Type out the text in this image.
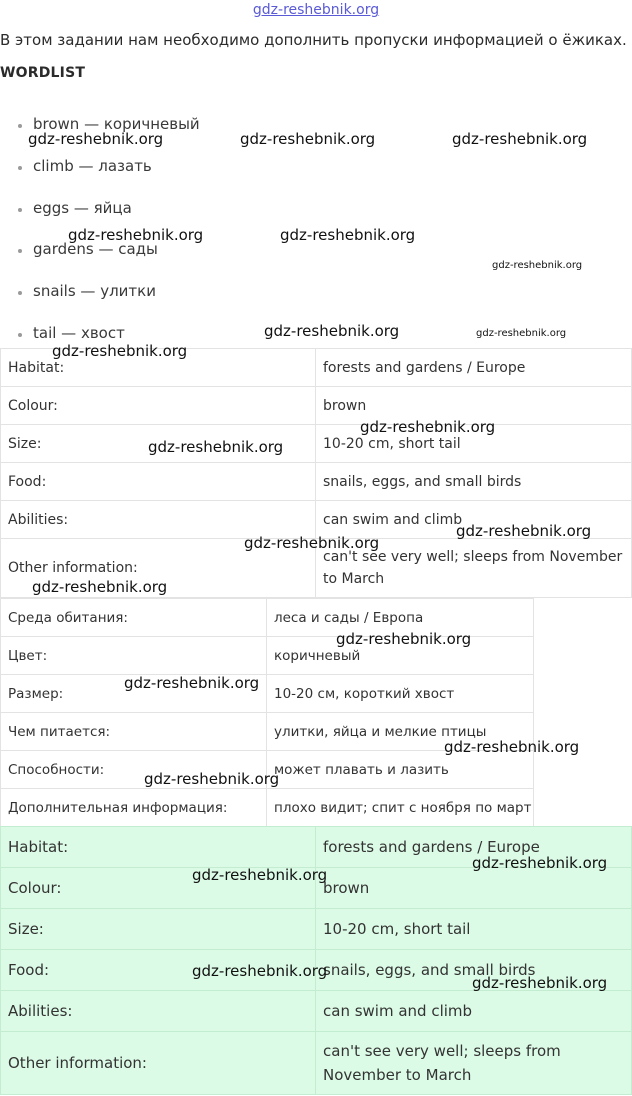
gdz-reshebnik.org
В этом задании нам необходимо дополнить пропуски информацией о ёжиках.
WORDLIST
brown — коричневый
climb — лазать
eggs — яйца
gardens — сады
snails — улитки
tail — хвост
Habitat:	forests and gardens / Europe
Colour:	brown
Size:	10-20 cm, short tail
Food:	snails, eggs, and small birds
Abilities:	can swim and climb
Other information:	can't see very well; sleeps from November to March
Среда обитания:	леса и сады / Европа
Цвет:	коричневый
Размер:	10-20 см, короткий хвост
Чем питается:	улитки, яйца и мелкие птицы
Способности:	может плавать и лазить
Дополнительная информация:	плохо видит; спит с ноября по март
Habitat:	forests and gardens / Europe
Colour:	brown
Size:	10-20 cm, short tail
Food:	snails, eggs, and small birds
Abilities:	can swim and climb
Other information:	can't see very well; sleeps from November to March
gdz-reshebnik.org	gdz-reshebnik.org	gdz-reshebnik.org
gdz-reshebnik.org	gdz-reshebnik.org
gdz-reshebnik.org
gdz-reshebnik.org	gdz-reshebnik.org
gdz-reshebnik.org
gdz-reshebnik.org
gdz-reshebnik.org
gdz-reshebnik.org
gdz-reshebnik.org
gdz-reshebnik.org
gdz-reshebnik.org
gdz-reshebnik.org
gdz-reshebnik.org
gdz-reshebnik.org
gdz-reshebnik.org
gdz-reshebnik.org
gdz-reshebnik.org
gdz-reshebnik.org
